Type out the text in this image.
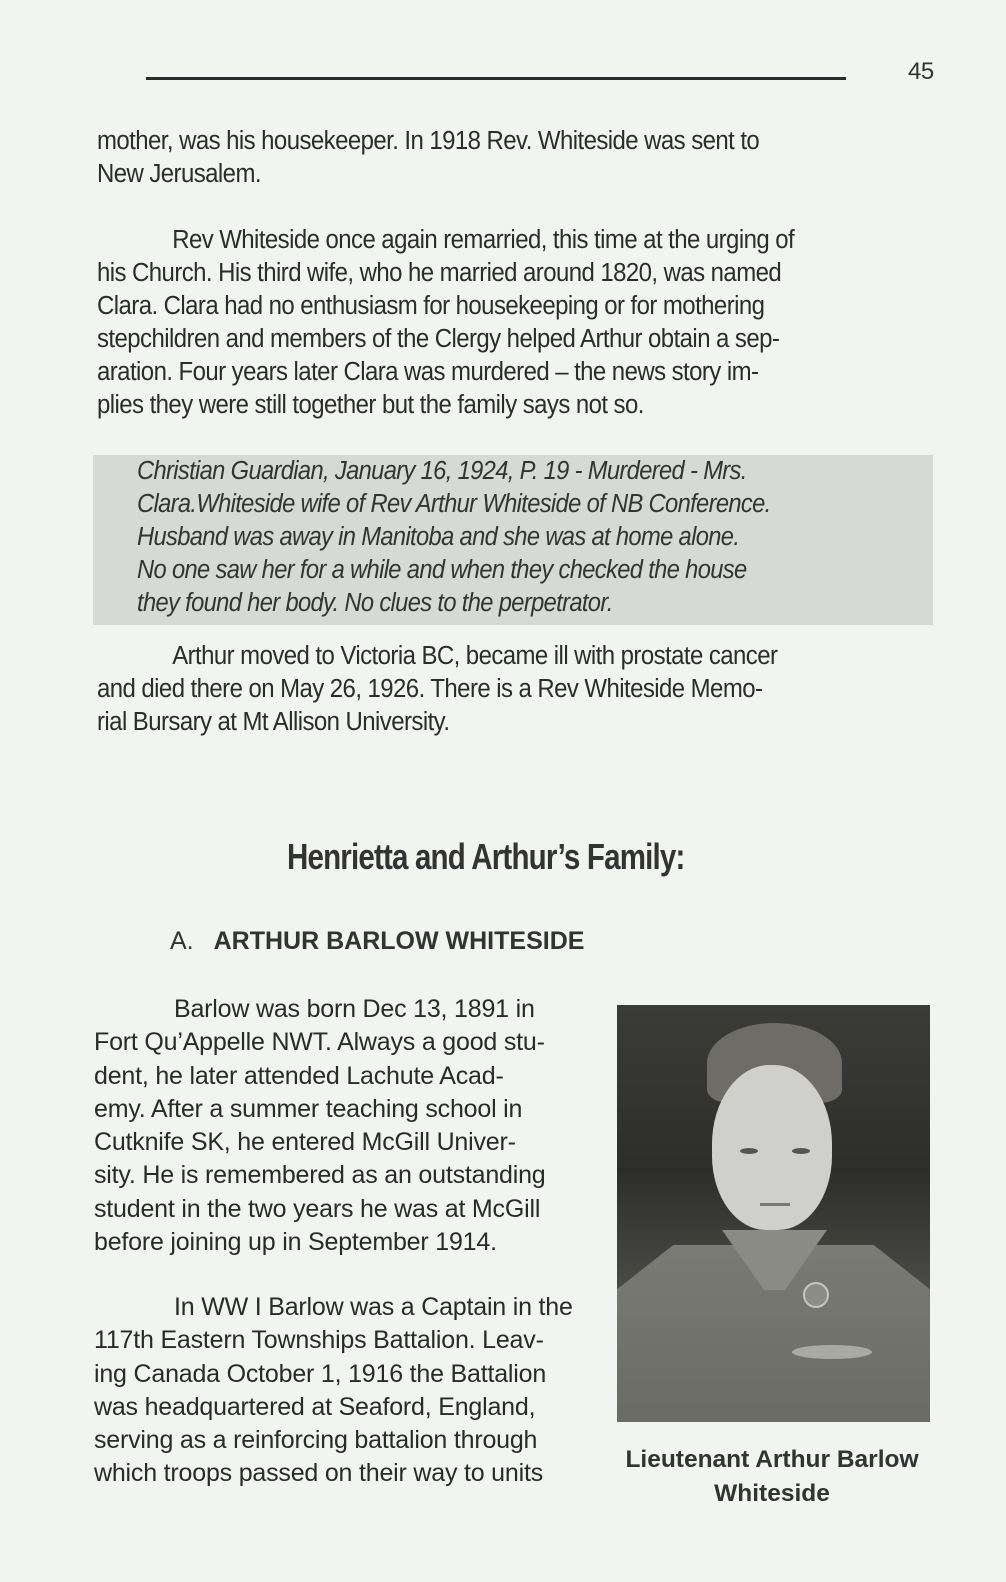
45

mother, was his housekeeper. In 1918 Rev. Whiteside was sent to
New Jerusalem.

Rev Whiteside once again remarried, this time at the urging of
his Church. His third wife, who he married around 1820, was named
Clara. Clara had no enthusiasm for housekeeping or for mothering
stepchildren and members of the Clergy helped Arthur obtain a sep-
aration. Four years later Clara was murdered – the news story im-
plies they were still together but the family says not so.

Christian Guardian, January 16, 1924, P. 19 - Murdered - Mrs.
Clara.Whiteside wife of Rev Arthur Whiteside of NB Conference.
Husband was away in Manitoba and she was at home alone.
No one saw her for a while and when they checked the house
they found her body. No clues to the perpetrator.

Arthur moved to Victoria BC, became ill with prostate cancer
and died there on May 26, 1926. There is a Rev Whiteside Memo-
rial Bursary at Mt Allison University.

Henrietta and Arthur’s Family:
A. ARTHUR BARLOW WHITESIDE

Barlow was born Dec 13, 1891 in
Fort Qu’Appelle NWT. Always a good stu-
dent, he later attended Lachute Acad-
emy. After a summer teaching school in
Cutknife SK, he entered McGill Univer-
sity. He is remembered as an outstanding
student in the two years he was at McGill
before joining up in September 1914.

In WW I Barlow was a Captain in the
117th Eastern Townships Battalion. Leav-
ing Canada October 1, 1916 the Battalion
was headquartered at Seaford, England,
serving as a reinforcing battalion through
which troops passed on their way to units	Lieutenant Arthur Barlow
Whiteside
